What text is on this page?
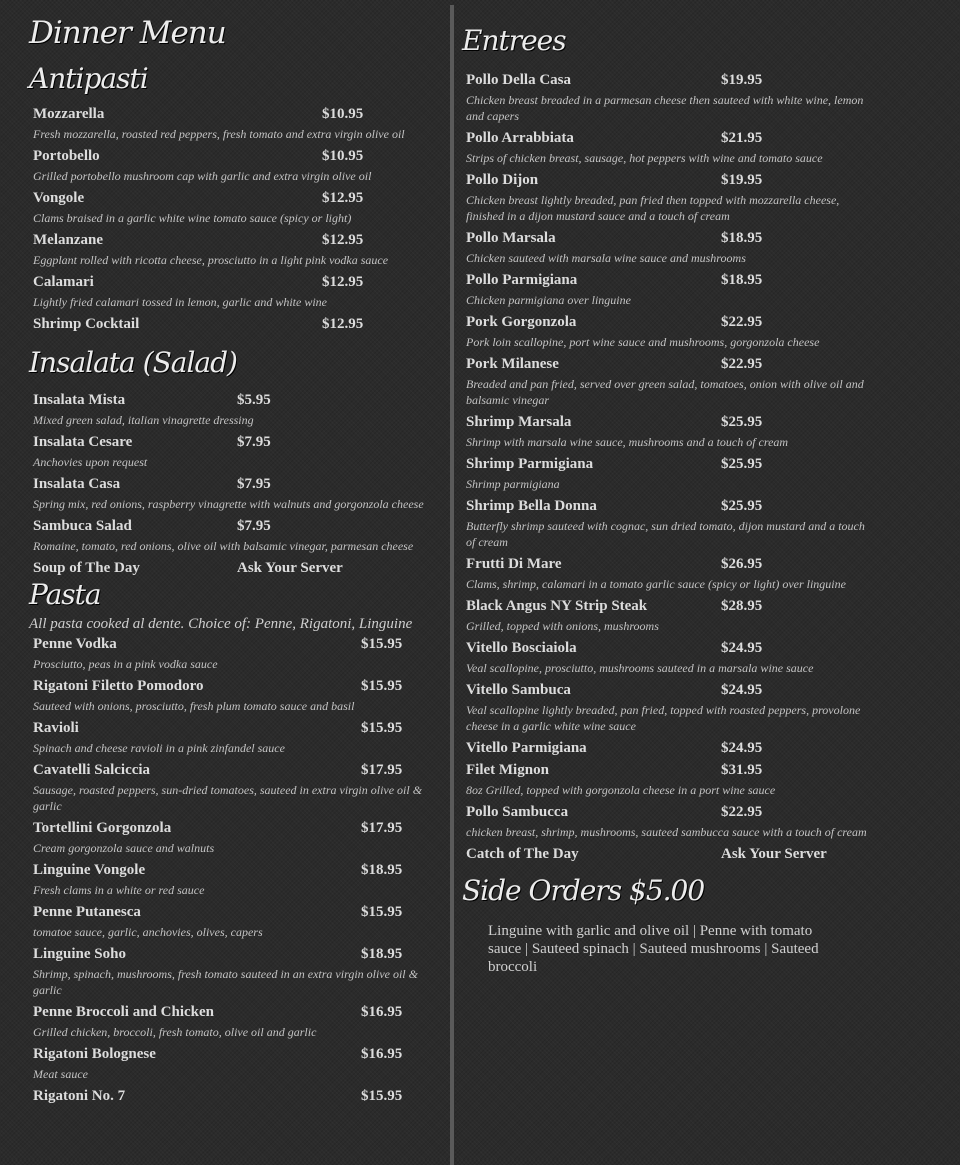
Dinner Menu
Antipasti
Mozzarella	$10.95
Fresh mozzarella, roasted red peppers, fresh tomato and extra virgin olive oil
Portobello	$10.95
Grilled portobello mushroom cap with garlic and extra virgin olive oil
Vongole	$12.95
Clams braised in a garlic white wine tomato sauce (spicy or light)
Melanzane	$12.95
Eggplant rolled with ricotta cheese, prosciutto in a light pink vodka sauce
Calamari	$12.95
Lightly fried calamari tossed in lemon, garlic and white wine
Shrimp Cocktail	$12.95
Insalata (Salad)
Insalata Mista	$5.95
Mixed green salad, italian vinagrette dressing
Insalata Cesare	$7.95
Anchovies upon request
Insalata Casa	$7.95
Spring mix, red onions, raspberry vinagrette with walnuts and gorgonzola cheese
Sambuca Salad	$7.95
Romaine, tomato, red onions, olive oil with balsamic vinegar, parmesan cheese
Soup of The Day	Ask Your Server
Pasta
All pasta cooked al dente. Choice of: Penne, Rigatoni, Linguine
Penne Vodka	$15.95
Prosciutto, peas in a pink vodka sauce
Rigatoni Filetto Pomodoro	$15.95
Sauteed with onions, prosciutto, fresh plum tomato sauce and basil
Ravioli	$15.95
Spinach and cheese ravioli in a pink zinfandel sauce
Cavatelli Salciccia	$17.95
Sausage, roasted peppers, sun-dried tomatoes, sauteed in extra virgin olive oil & garlic
Tortellini Gorgonzola	$17.95
Cream gorgonzola sauce and walnuts
Linguine Vongole	$18.95
Fresh clams in a white or red sauce
Penne Putanesca	$15.95
tomatoe sauce, garlic, anchovies, olives, capers
Linguine Soho	$18.95
Shrimp, spinach, mushrooms, fresh tomato sauteed in an extra virgin olive oil & garlic
Penne Broccoli and Chicken	$16.95
Grilled chicken, broccoli, fresh tomato, olive oil and garlic
Rigatoni Bolognese	$16.95
Meat sauce
Rigatoni No. 7	$15.95
Entrees
Pollo Della Casa	$19.95
Chicken breast breaded in a parmesan cheese then sauteed with white wine, lemon and capers
Pollo Arrabbiata	$21.95
Strips of chicken breast, sausage, hot peppers with wine and tomato sauce
Pollo Dijon	$19.95
Chicken breast lightly breaded, pan fried then topped with mozzarella cheese, finished in a dijon mustard sauce and a touch of cream
Pollo Marsala	$18.95
Chicken sauteed with marsala wine sauce and mushrooms
Pollo Parmigiana	$18.95
Chicken parmigiana over linguine
Pork Gorgonzola	$22.95
Pork loin scallopine, port wine sauce and mushrooms, gorgonzola cheese
Pork Milanese	$22.95
Breaded and pan fried, served over green salad, tomatoes, onion with olive oil and balsamic vinegar
Shrimp Marsala	$25.95
Shrimp with marsala wine sauce, mushrooms and a touch of cream
Shrimp Parmigiana	$25.95
Shrimp parmigiana
Shrimp Bella Donna	$25.95
Butterfly shrimp sauteed with cognac, sun dried tomato, dijon mustard and a touch of cream
Frutti Di Mare	$26.95
Clams, shrimp, calamari in a tomato garlic sauce (spicy or light) over linguine
Black Angus NY Strip Steak	$28.95
Grilled, topped with onions, mushrooms
Vitello Bosciaiola	$24.95
Veal scallopine, prosciutto, mushrooms sauteed in a marsala wine sauce
Vitello Sambuca	$24.95
Veal scallopine lightly breaded, pan fried, topped with roasted peppers, provolone cheese in a garlic white wine sauce
Vitello Parmigiana	$24.95
Filet Mignon	$31.95
8oz Grilled, topped with gorgonzola cheese in a port wine sauce
Pollo Sambucca	$22.95
chicken breast, shrimp, mushrooms, sauteed sambucca sauce with a touch of cream
Catch of The Day	Ask Your Server
Side Orders $5.00
Linguine with garlic and olive oil | Penne with tomato sauce | Sauteed spinach | Sauteed mushrooms | Sauteed broccoli
